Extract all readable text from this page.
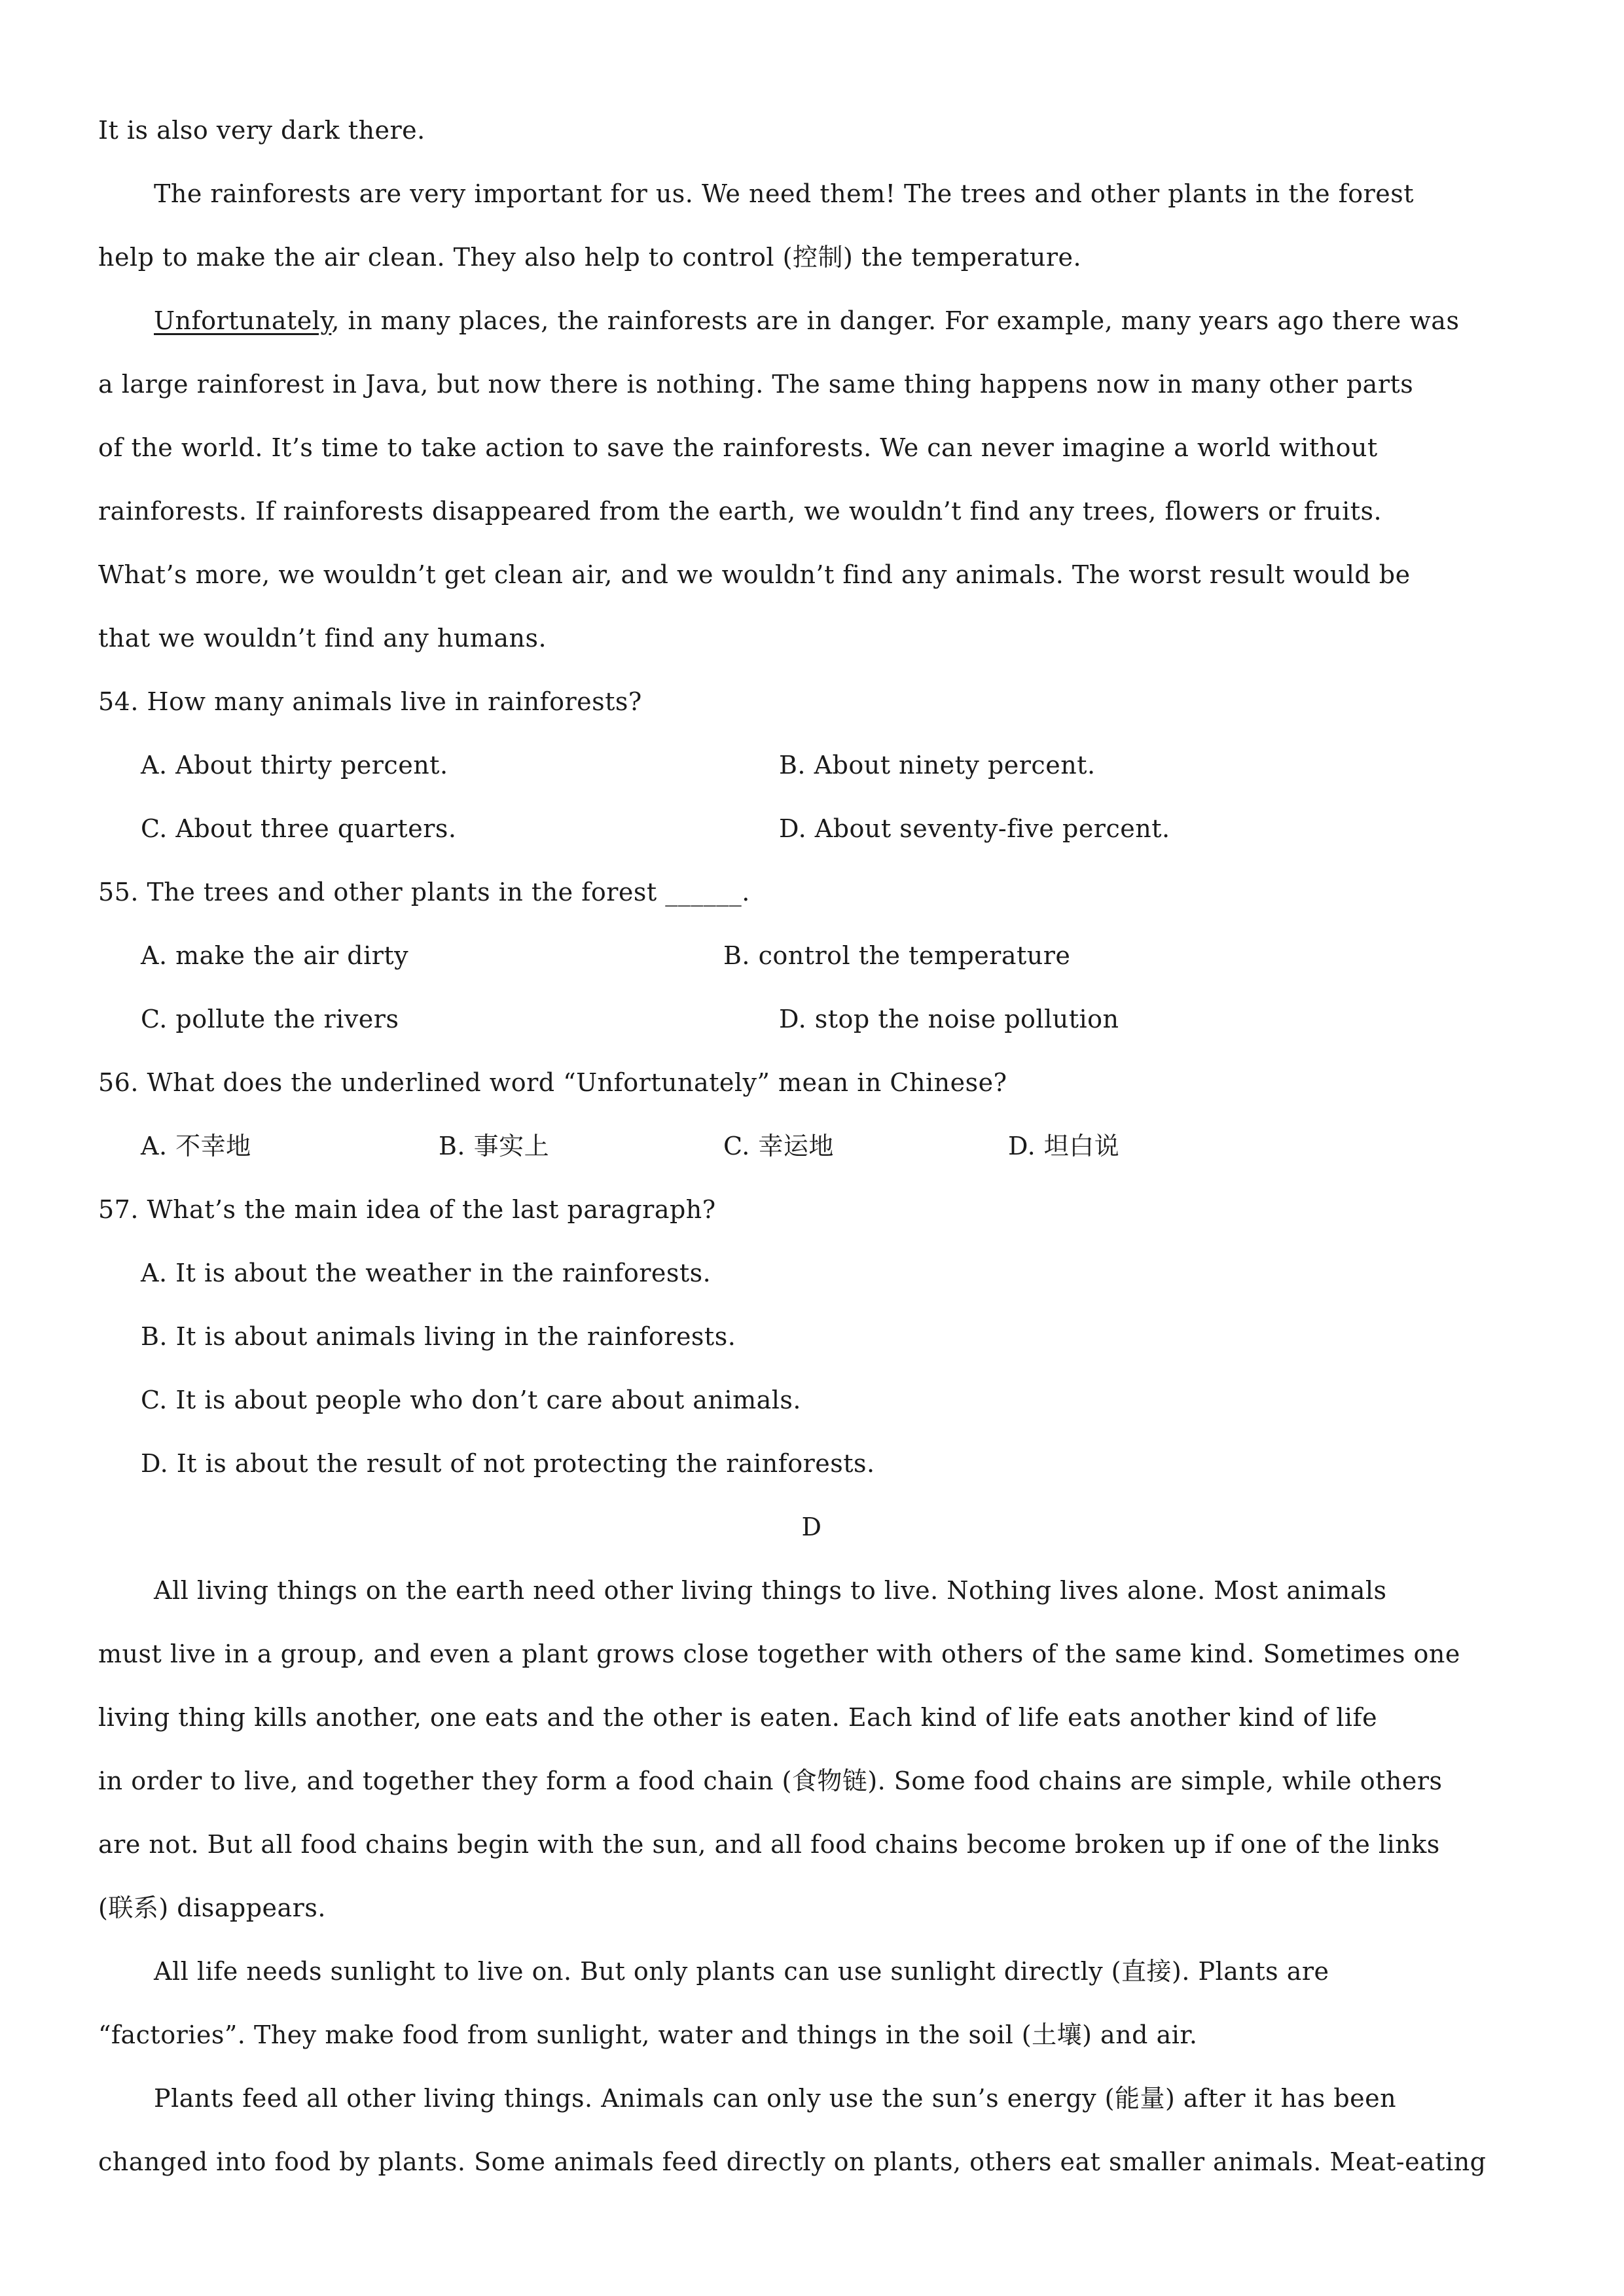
It is also very dark there.
The rainforests are very important for us. We need them! The trees and other plants in the forest
help to make the air clean. They also help to control (控制) the temperature.
Unfortunately, in many places, the rainforests are in danger. For example, many years ago there was
a large rainforest in Java, but now there is nothing. The same thing happens now in many other parts
of the world. It’s time to take action to save the rainforests. We can never imagine a world without
rainforests. If rainforests disappeared from the earth, we wouldn’t find any trees, flowers or fruits.
What’s more, we wouldn’t get clean air, and we wouldn’t find any animals. The worst result would be
that we wouldn’t find any humans.
54. How many animals live in rainforests?
A. About thirty percent.	B. About ninety percent.
C. About three quarters.	D. About seventy-five percent.
55. The trees and other plants in the forest ______.
A. make the air dirty	B. control the temperature
C. pollute the rivers	D. stop the noise pollution
56. What does the underlined word “Unfortunately” mean in Chinese?
A. 不幸地	B. 事实上	C. 幸运地	D. 坦白说
57. What’s the main idea of the last paragraph?
A. It is about the weather in the rainforests.
B. It is about animals living in the rainforests.
C. It is about people who don’t care about animals.
D. It is about the result of not protecting the rainforests.
D
All living things on the earth need other living things to live. Nothing lives alone. Most animals
must live in a group, and even a plant grows close together with others of the same kind. Sometimes one
living thing kills another, one eats and the other is eaten. Each kind of life eats another kind of life
in order to live, and together they form a food chain (食物链). Some food chains are simple, while others
are not. But all food chains begin with the sun, and all food chains become broken up if one of the links
(联系) disappears.
All life needs sunlight to live on. But only plants can use sunlight directly (直接). Plants are
“factories”. They make food from sunlight, water and things in the soil (土壤) and air.
Plants feed all other living things. Animals can only use the sun’s energy (能量) after it has been
changed into food by plants. Some animals feed directly on plants, others eat smaller animals. Meat-eating
